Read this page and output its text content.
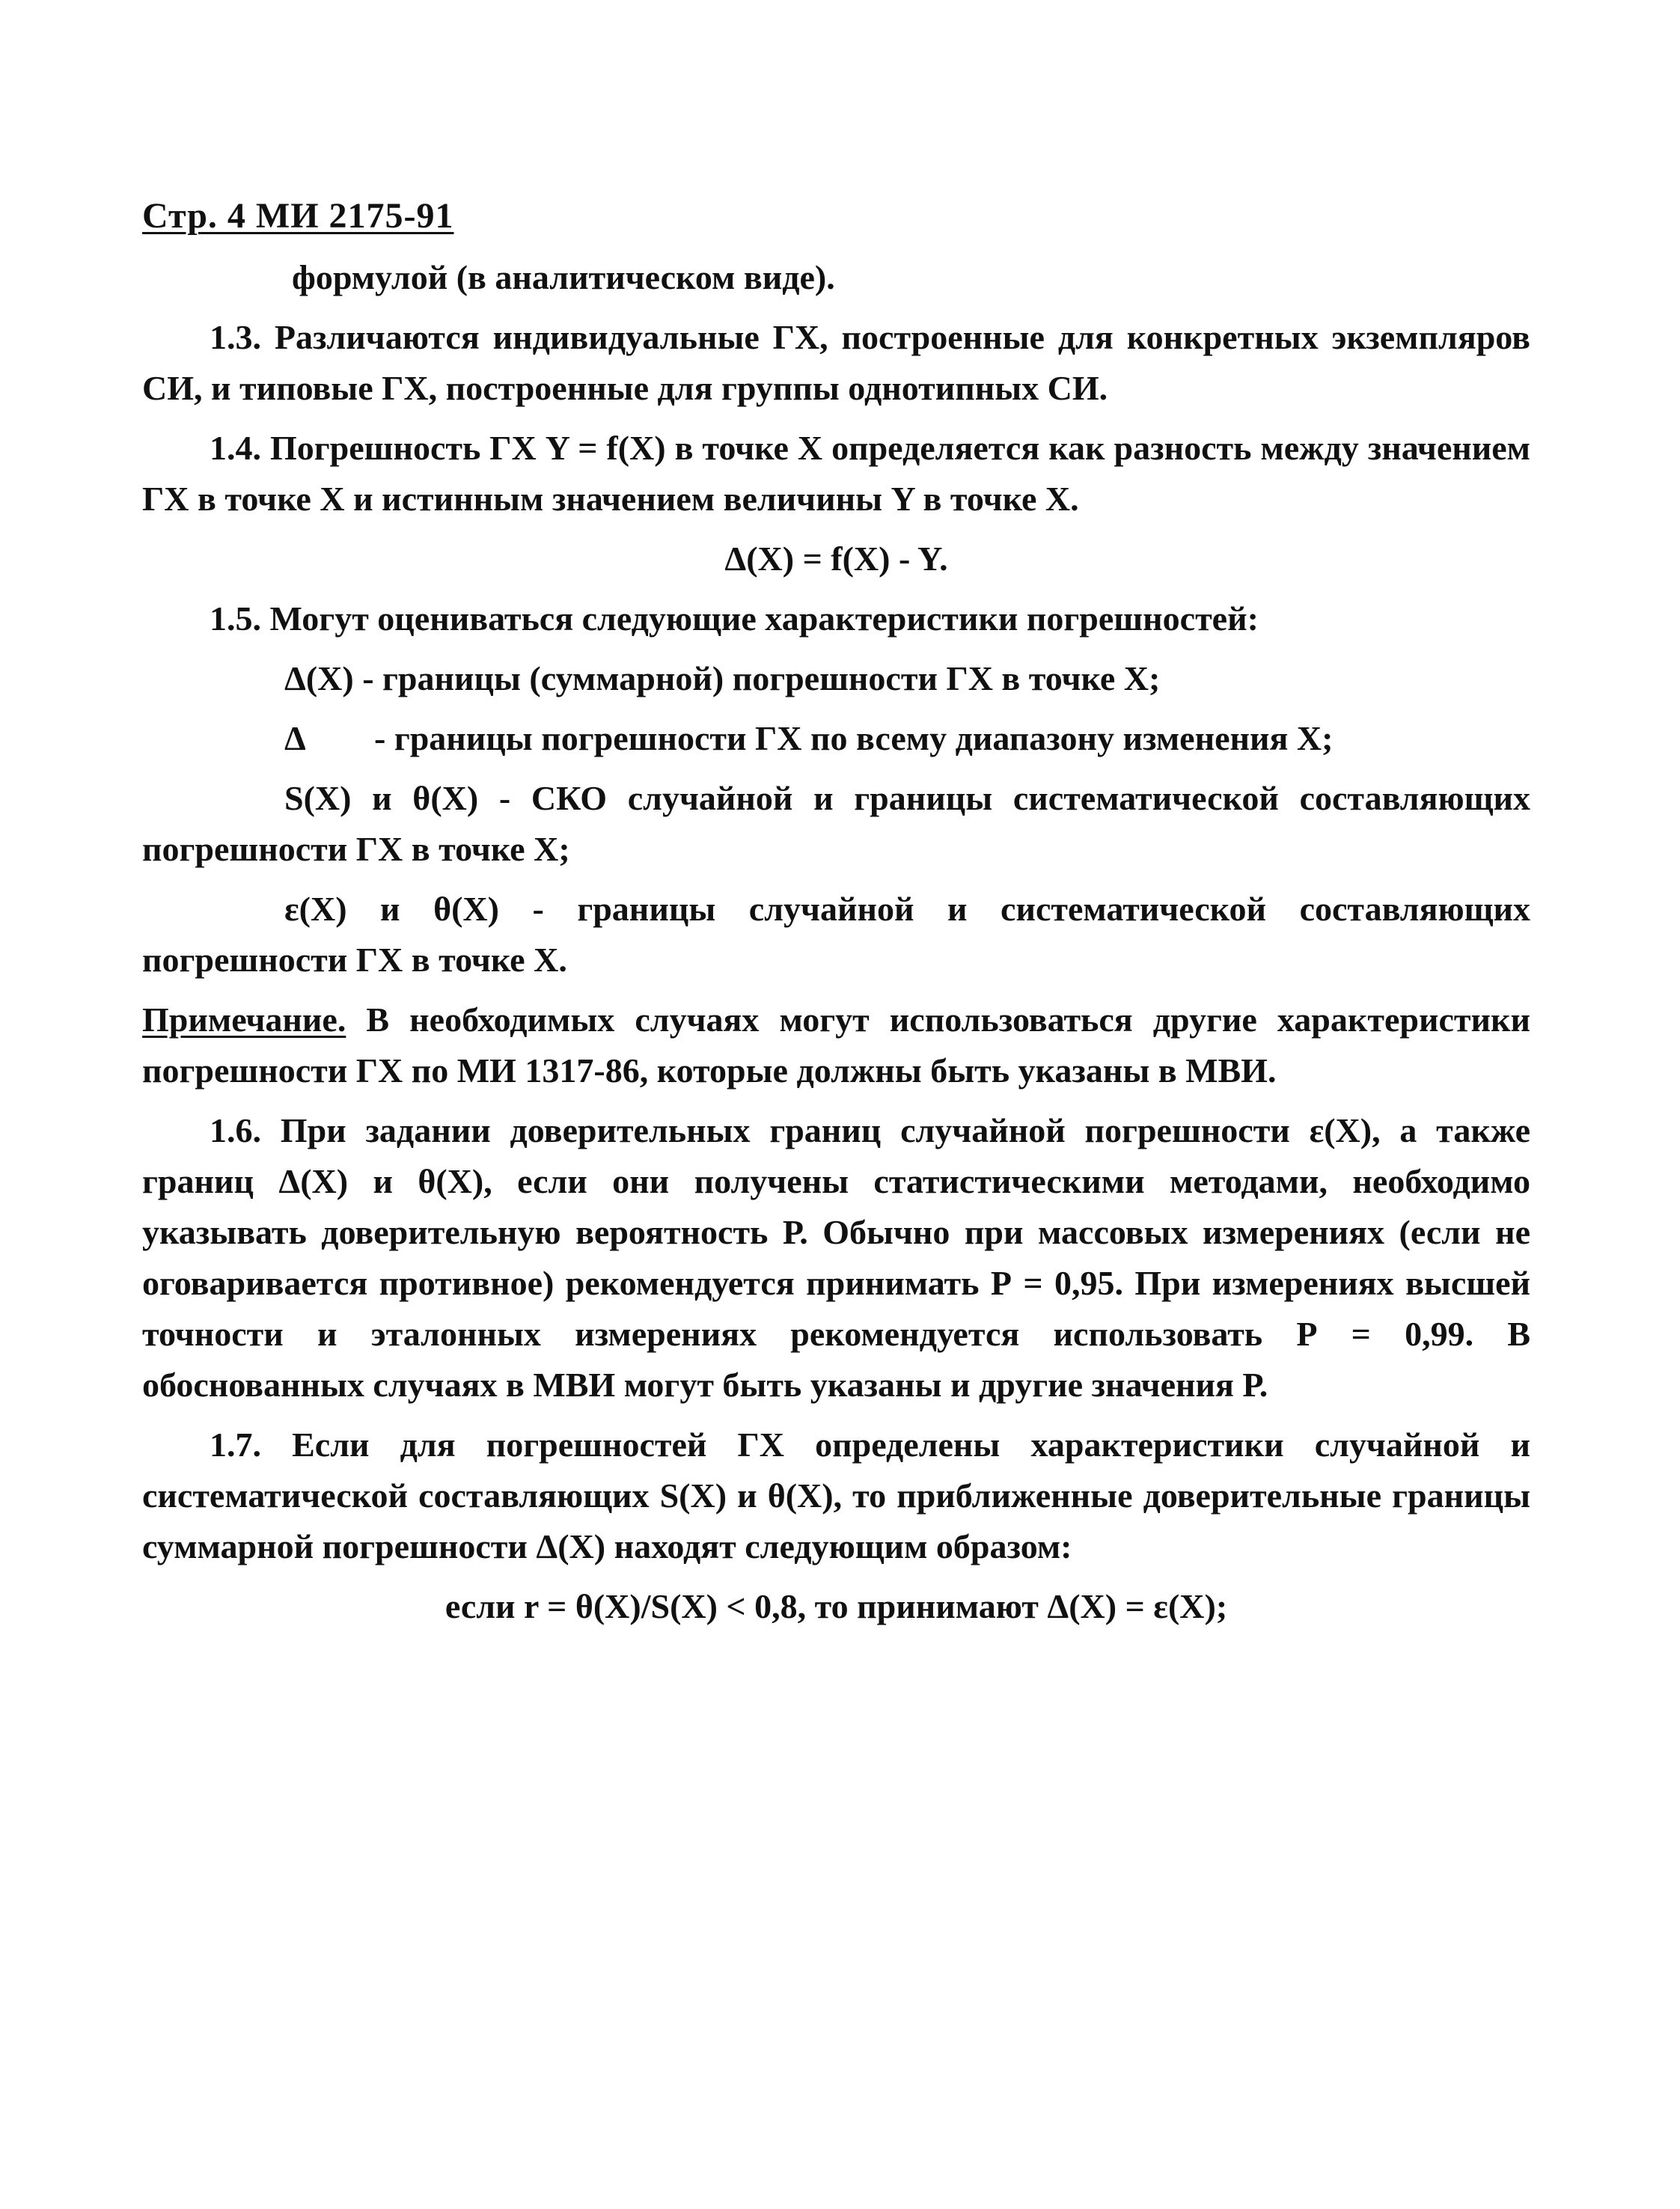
Стр. 4 МИ 2175-91

формулой (в аналитическом виде).

1.3. Различаются индивидуальные ГХ, построенные для конкретных экземпляров СИ, и типовые ГХ, построенные для группы однотипных СИ.

1.4. Погрешность ГХ Y = f(X) в точке X определяется как разность между значением ГХ в точке X и истинным значением величины Y в точке X.

Δ(X) = f(X) - Y.

1.5. Могут оцениваться следующие характеристики погрешностей:

Δ(X) - границы (суммарной) погрешности ГХ в точке X;

Δ	- границы погрешности ГХ по всему диапазону изменения X;

S(X) и θ(X) - СКО случайной и границы систематической составляющих погрешности ГХ в точке X;

ε(X) и θ(X) - границы случайной и систематической составляющих погрешности ГХ в точке X.

Примечание. В необходимых случаях могут использоваться другие характеристики погрешности ГХ по МИ 1317-86, которые должны быть указаны в МВИ.

1.6. При задании доверительных границ случайной погрешности ε(X), а также границ Δ(X) и θ(X), если они получены статистическими методами, необходимо указывать доверительную вероятность Р. Обычно при массовых измерениях (если не оговаривается противное) рекомендуется принимать Р = 0,95. При измерениях высшей точности и эталонных измерениях рекомендуется использовать Р = 0,99. В обоснованных случаях в МВИ могут быть указаны и другие значения Р.

1.7. Если для погрешностей ГХ определены характеристики случайной и систематической составляющих S(X) и θ(X), то приближенные доверительные границы суммарной погрешности Δ(X) находят следующим образом:

если r = θ(X)/S(X) < 0,8, то принимают Δ(X) = ε(X);
